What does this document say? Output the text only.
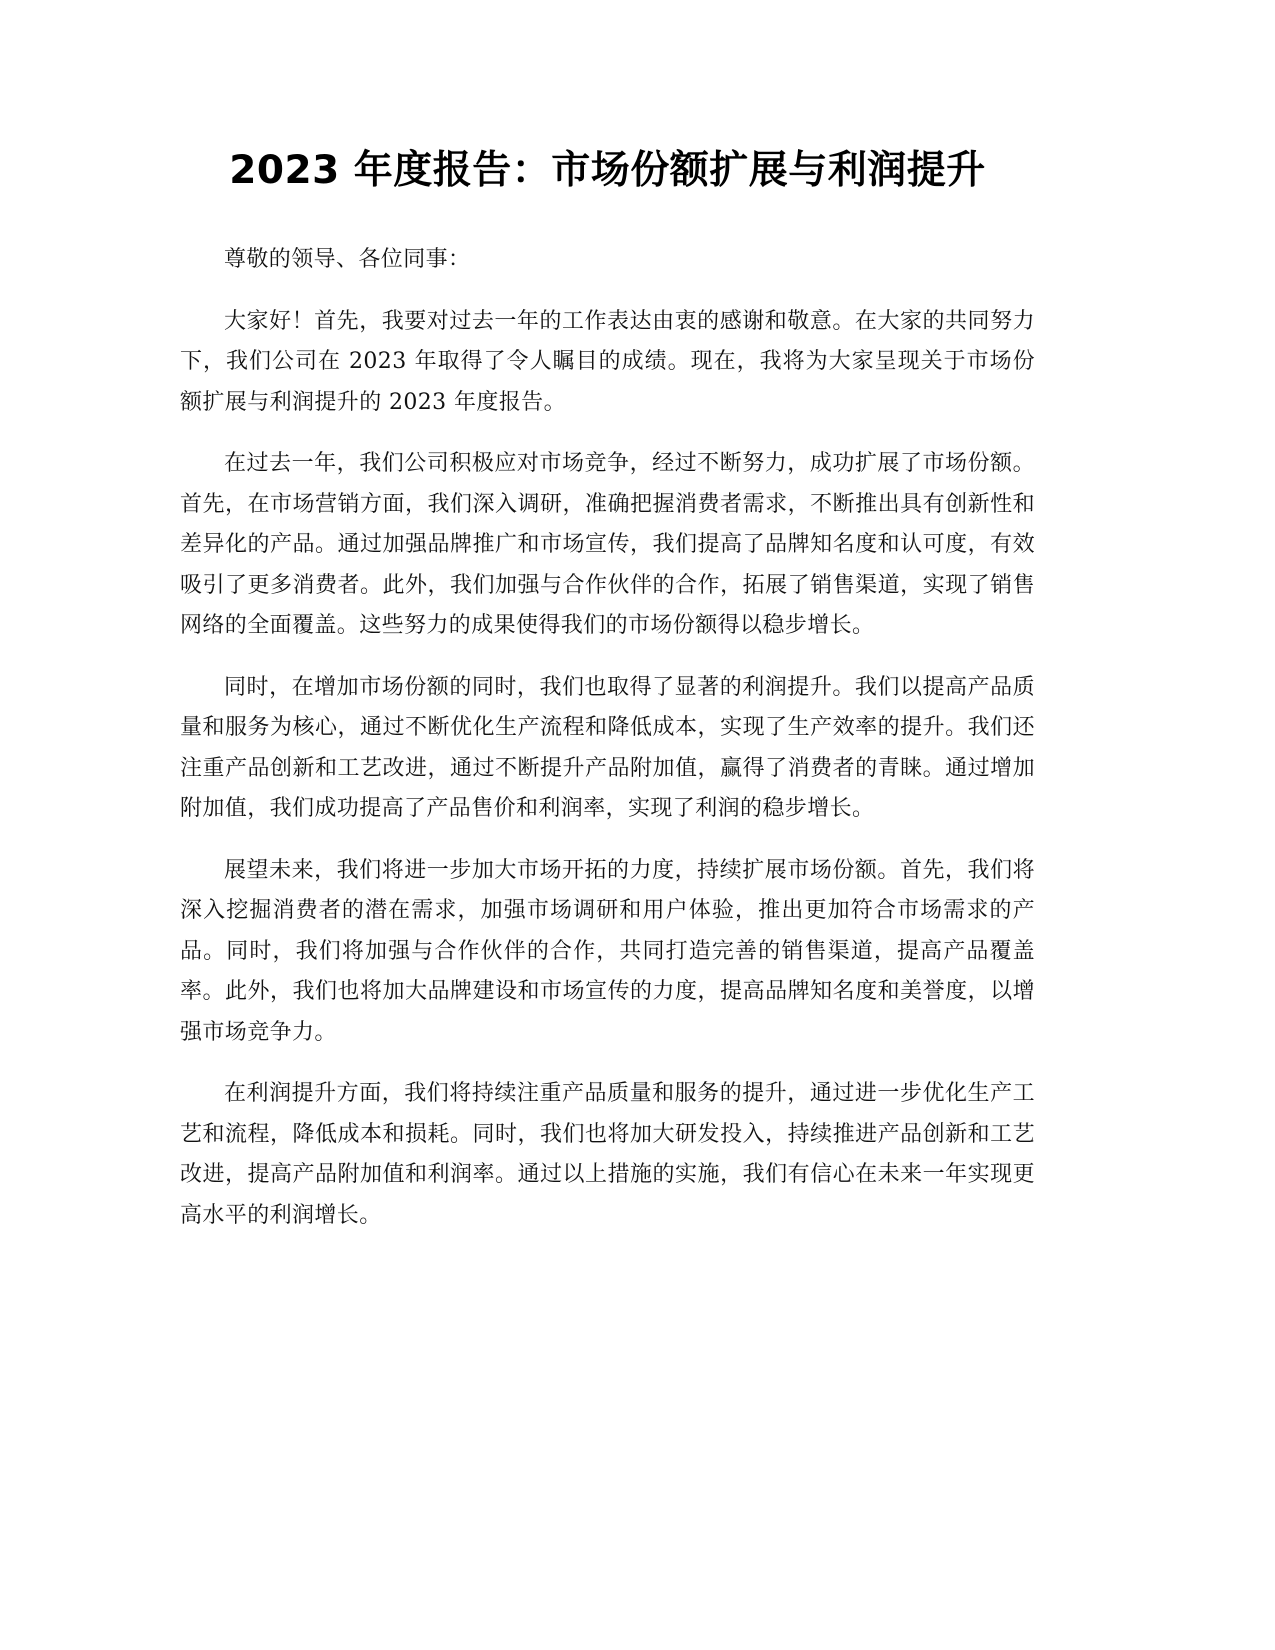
2023 年度报告：市场份额扩展与利润提升

尊敬的领导、各位同事：

大家好！首先，我要对过去一年的工作表达由衷的感谢和敬意。在大家的共同努力下，我们公司在 2023 年取得了令人瞩目的成绩。现在，我将为大家呈现关于市场份额扩展与利润提升的 2023 年度报告。

在过去一年，我们公司积极应对市场竞争，经过不断努力，成功扩展了市场份额。首先，在市场营销方面，我们深入调研，准确把握消费者需求，不断推出具有创新性和差异化的产品。通过加强品牌推广和市场宣传，我们提高了品牌知名度和认可度，有效吸引了更多消费者。此外，我们加强与合作伙伴的合作，拓展了销售渠道，实现了销售网络的全面覆盖。这些努力的成果使得我们的市场份额得以稳步增长。

同时，在增加市场份额的同时，我们也取得了显著的利润提升。我们以提高产品质量和服务为核心，通过不断优化生产流程和降低成本，实现了生产效率的提升。我们还注重产品创新和工艺改进，通过不断提升产品附加值，赢得了消费者的青睐。通过增加附加值，我们成功提高了产品售价和利润率，实现了利润的稳步增长。

展望未来，我们将进一步加大市场开拓的力度，持续扩展市场份额。首先，我们将深入挖掘消费者的潜在需求，加强市场调研和用户体验，推出更加符合市场需求的产品。同时，我们将加强与合作伙伴的合作，共同打造完善的销售渠道，提高产品覆盖率。此外，我们也将加大品牌建设和市场宣传的力度，提高品牌知名度和美誉度，以增强市场竞争力。

在利润提升方面，我们将持续注重产品质量和服务的提升，通过进一步优化生产工艺和流程，降低成本和损耗。同时，我们也将加大研发投入，持续推进产品创新和工艺改进，提高产品附加值和利润率。通过以上措施的实施，我们有信心在未来一年实现更高水平的利润增长。
